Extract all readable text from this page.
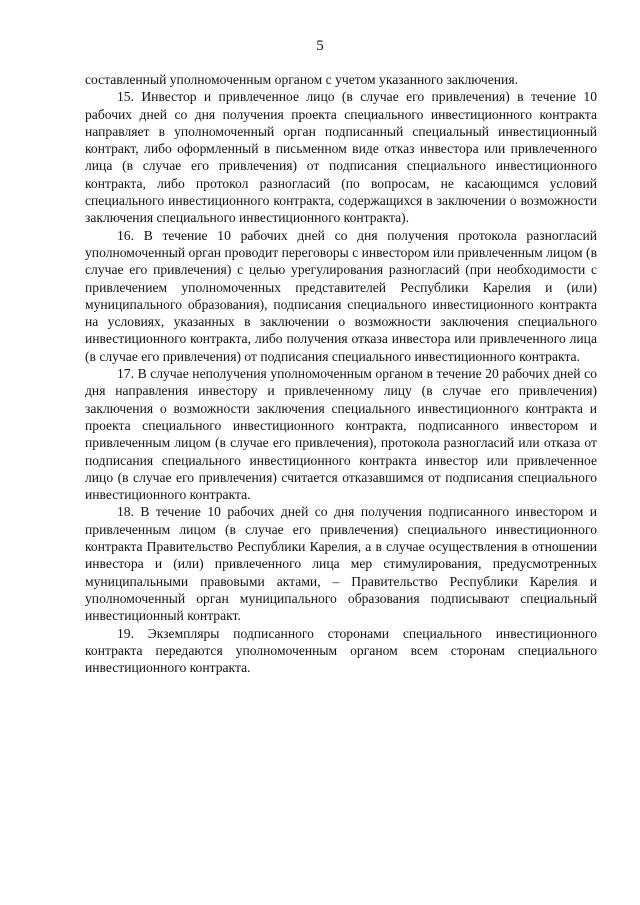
5

составленный уполномоченным органом с учетом указанного заключения.

15. Инвестор и привлеченное лицо (в случае его привлечения) в течение 10 рабочих дней со дня получения проекта специального инвестиционного контракта направляет в уполномоченный орган подписанный специальный инвестиционный контракт, либо оформленный в письменном виде отказ инвестора или привлеченного лица (в случае его привлечения) от подписания специального инвестиционного контракта, либо протокол разногласий (по вопросам, не касающимся условий специального инвестиционного контракта, содержащихся в заключении о возможности заключения специального инвестиционного контракта).

16. В течение 10 рабочих дней со дня получения протокола разногласий уполномоченный орган проводит переговоры с инвестором или привлеченным лицом (в случае его привлечения) с целью урегулирования разногласий (при необходимости с привлечением уполномоченных представителей Республики Карелия и (или) муниципального образования), подписания специального инвестиционного контракта на условиях, указанных в заключении о возможности заключения специального инвестиционного контракта, либо получения отказа инвестора или привлеченного лица (в случае его привлечения) от подписания специального инвестиционного контракта.

17. В случае неполучения уполномоченным органом в течение 20 рабочих дней со дня направления инвестору и привлеченному лицу (в случае его привлечения) заключения о возможности заключения специального инвестиционного контракта и проекта специального инвестиционного контракта, подписанного инвестором и привлеченным лицом (в случае его привлечения), протокола разногласий или отказа от подписания специального инвестиционного контракта инвестор или привлеченное лицо (в случае его привлечения) считается отказавшимся от подписания специального инвестиционного контракта.

18. В течение 10 рабочих дней со дня получения подписанного инвестором и привлеченным лицом (в случае его привлечения) специального инвестиционного контракта Правительство Республики Карелия, а в случае осуществления в отношении инвестора и (или) привлеченного лица мер стимулирования, предусмотренных муниципальными правовыми актами, – Правительство Республики Карелия и уполномоченный орган муниципального образования подписывают специальный инвестиционный контракт.

19. Экземпляры подписанного сторонами специального инвестиционного контракта передаются уполномоченным органом всем сторонам специального инвестиционного контракта.
